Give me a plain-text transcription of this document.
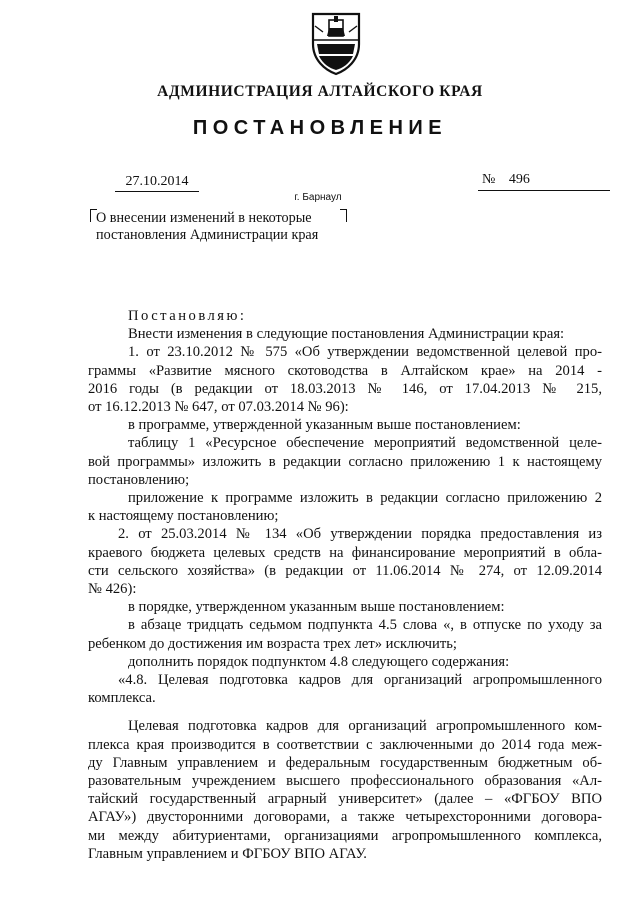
АДМИНИСТРАЦИЯ АЛТАЙСКОГО КРАЯ
ПОСТАНОВЛЕНИЕ
27.10.2014	№ 496
г. Барнаул
О внесении изменений в некоторые
постановления Администрации края

Постановляю:

Внести изменения в следующие постановления Администрации края:

1. от 23.10.2012 № 575 «Об утверждении ведомственной целевой про-

граммы «Развитие мясного скотоводства в Алтайском крае» на 2014 -

2016 годы (в редакции от 18.03.2013 № 146, от 17.04.2013 № 215,

от 16.12.2013 № 647, от 07.03.2014 № 96):

в программе, утвержденной указанным выше постановлением:

таблицу 1 «Ресурсное обеспечение мероприятий ведомственной целе-

вой программы» изложить в редакции согласно приложению 1 к настоящему

постановлению;

приложение к программе изложить в редакции согласно приложению 2

к настоящему постановлению;

2. от 25.03.2014 № 134 «Об утверждении порядка предоставления из

краевого бюджета целевых средств на финансирование мероприятий в обла-

сти сельского хозяйства» (в редакции от 11.06.2014 № 274, от 12.09.2014

№ 426):

в порядке, утвержденном указанным выше постановлением:

в абзаце тридцать седьмом подпункта 4.5 слова «, в отпуске по уходу за

ребенком до достижения им возраста трех лет» исключить;

дополнить порядок подпунктом 4.8 следующего содержания:

«4.8. Целевая подготовка кадров для организаций агропромышленного

комплекса.

Целевая подготовка кадров для организаций агропромышленного ком-

плекса края производится в соответствии с заключенными до 2014 года меж-

ду Главным управлением и федеральным государственным бюджетным об-

разовательным учреждением высшего профессионального образования «Ал-

тайский государственный аграрный университет» (далее – «ФГБОУ ВПО

АГАУ») двусторонними договорами, а также четырехсторонними договора-

ми между абитуриентами, организациями агропромышленного комплекса,

Главным управлением и ФГБОУ ВПО АГАУ.
